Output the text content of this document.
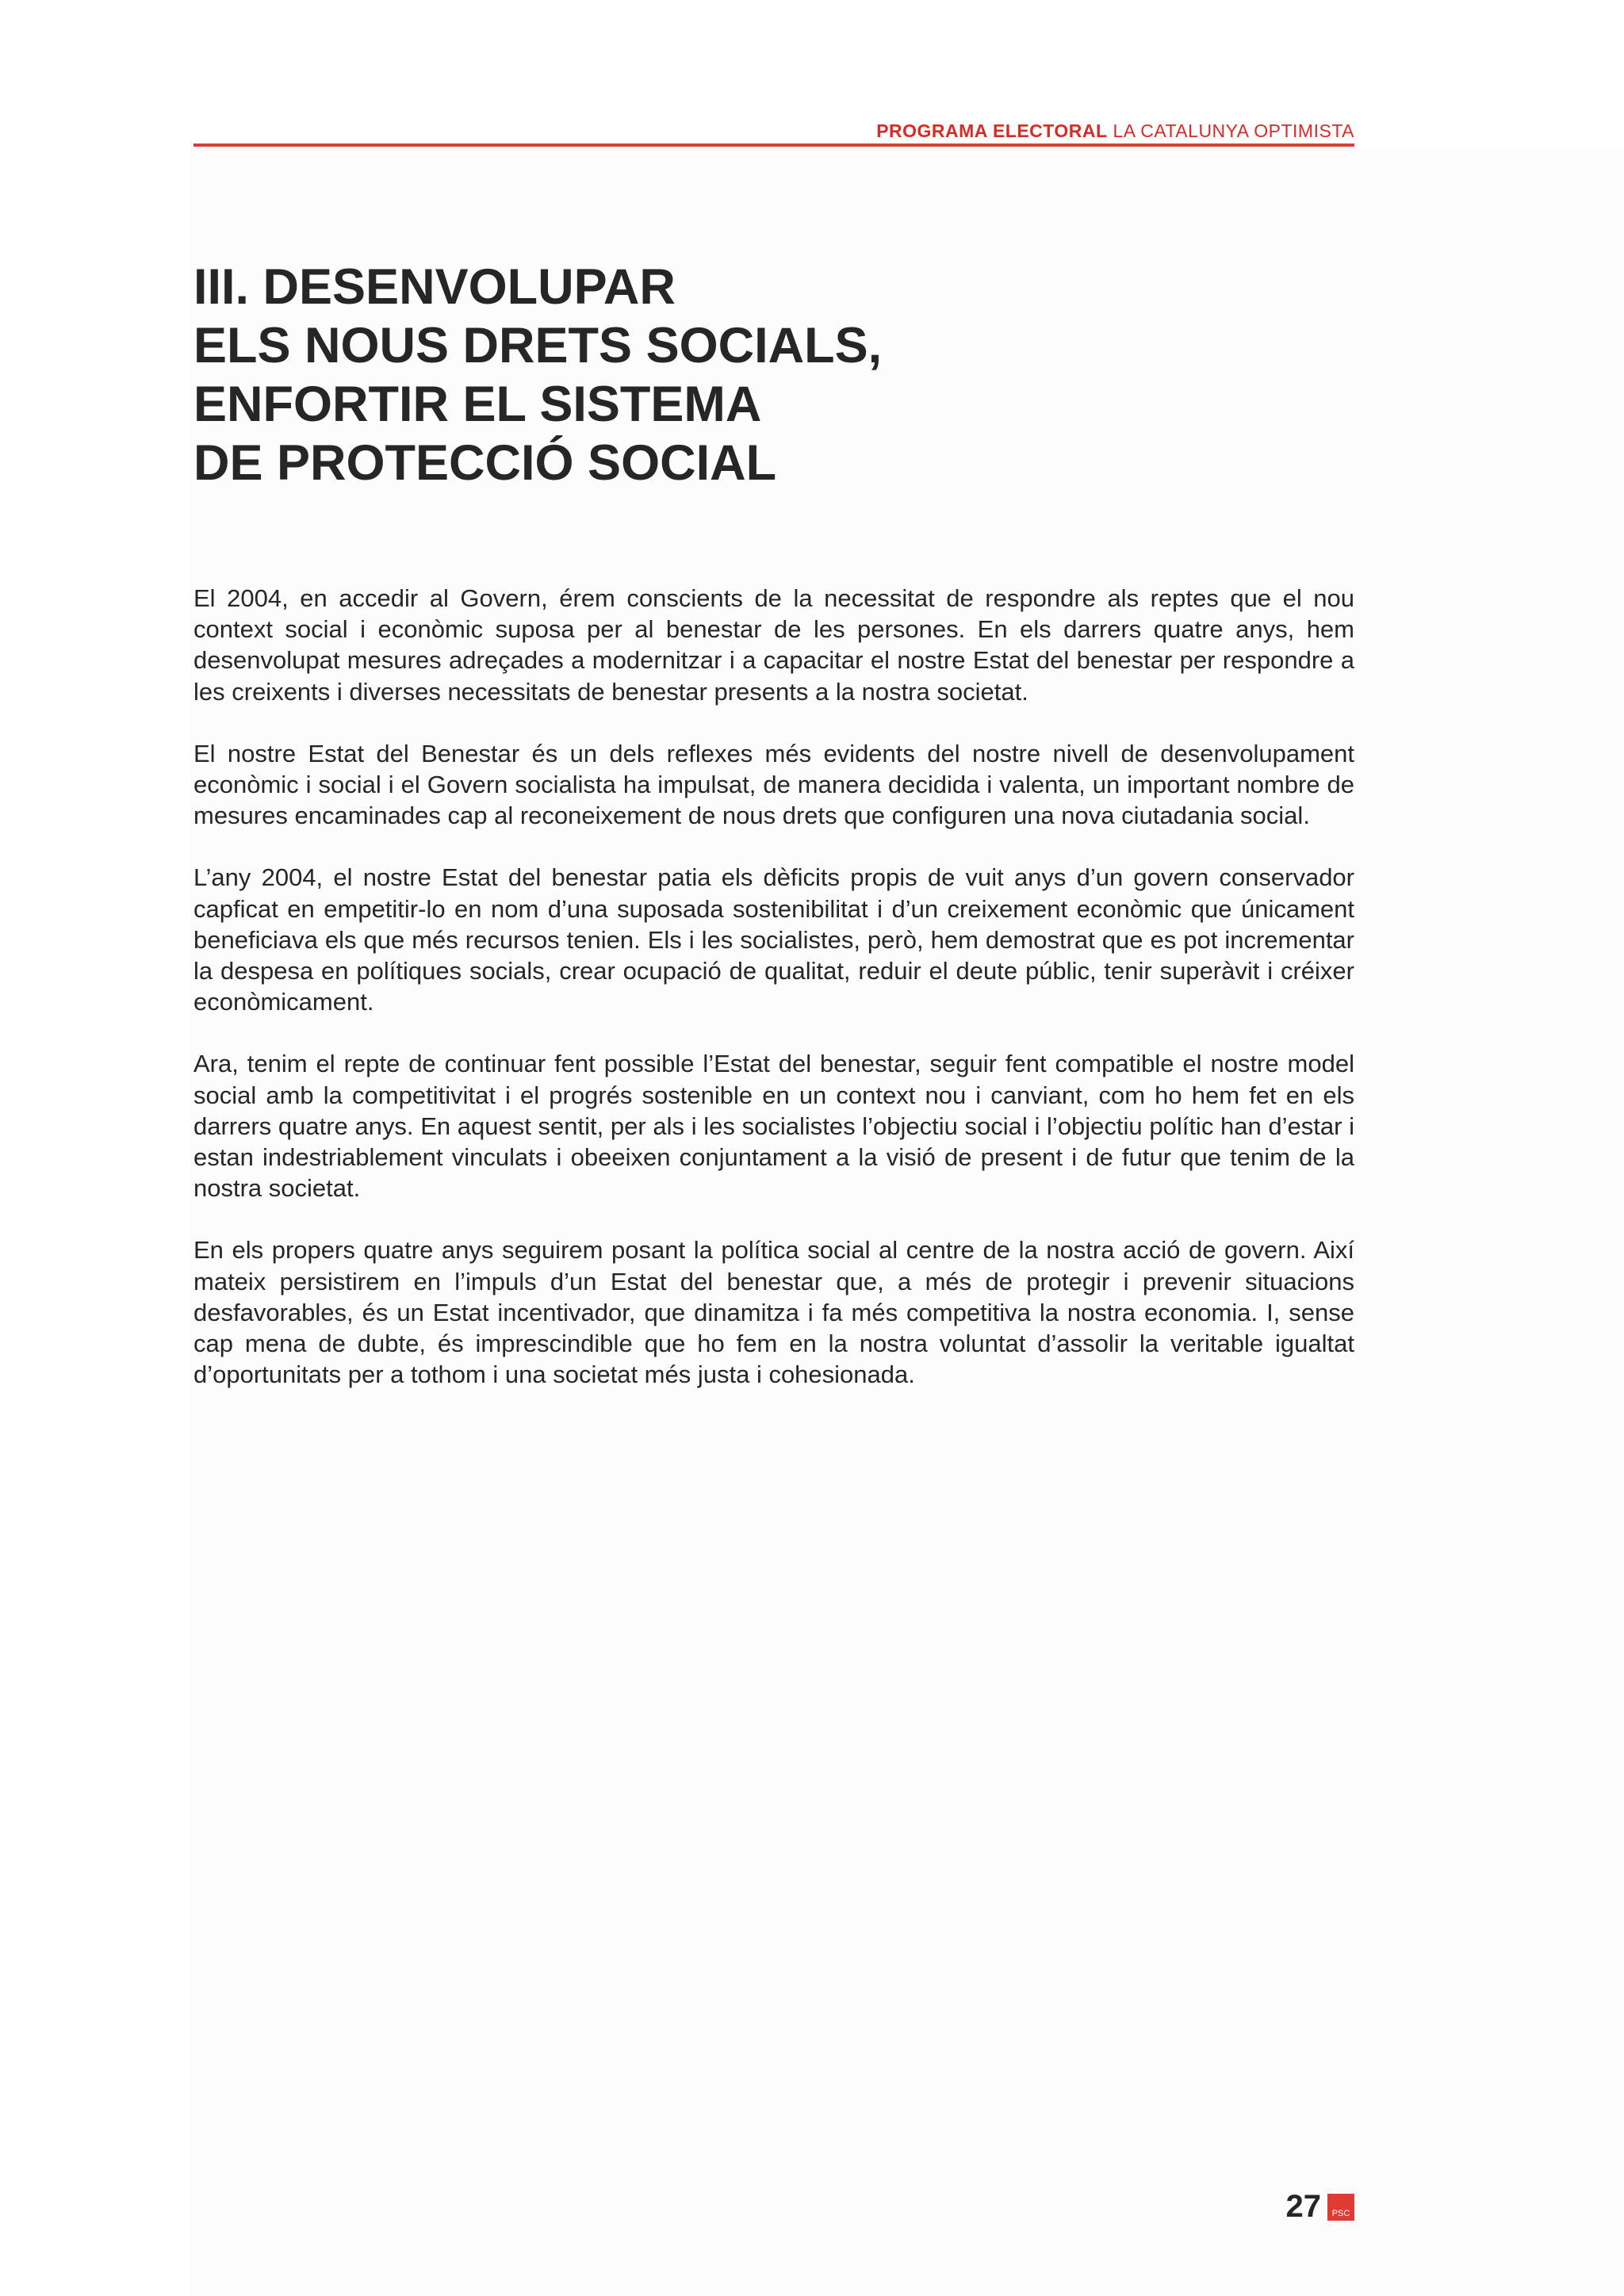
PROGRAMA ELECTORAL LA CATALUNYA OPTIMISTA
III. DESENVOLUPAR
ELS NOUS DRETS SOCIALS,
ENFORTIR EL SISTEMA
DE PROTECCIÓ SOCIAL

El 2004, en accedir al Govern, érem conscients de la necessitat de respondre als reptes que el nou context social i econòmic suposa per al benestar de les persones. En els darrers quatre anys, hem desenvolupat mesures adreçades a modernitzar i a capacitar el nostre Estat del benestar per respondre a les creixents i diverses necessitats de benestar presents a la nostra societat.

El nostre Estat del Benestar és un dels reflexes més evidents del nostre nivell de desenvolupament econòmic i social i el Govern socialista ha impulsat, de manera decidida i valenta, un important nombre de mesures encaminades cap al reconeixement de nous drets que configuren una nova ciutadania social.

L’any 2004, el nostre Estat del benestar patia els dèficits propis de vuit anys d’un govern conservador capficat en empetitir-lo en nom d’una suposada sostenibilitat i d’un creixement econòmic que únicament beneficiava els que més recursos tenien. Els i les socialistes, però, hem demostrat que es pot incrementar la despesa en polítiques socials, crear ocupació de qualitat, reduir el deute públic, tenir superàvit i créixer econòmicament.

Ara, tenim el repte de continuar fent possible l’Estat del benestar, seguir fent compatible el nostre model social amb la competitivitat i el progrés sostenible en un context nou i canviant, com ho hem fet en els darrers quatre anys. En aquest sentit, per als i les socialistes l’objectiu social i l’objectiu polític han d’estar i estan indestriablement vinculats i obeeixen conjuntament a la visió de present i de futur que tenim de la nostra societat.

En els propers quatre anys seguirem posant la política social al centre de la nostra acció de govern. Així mateix persistirem en l’impuls d’un Estat del benestar que, a més de protegir i prevenir situacions desfavorables, és un Estat incentivador, que dinamitza i fa més competitiva la nostra economia. I, sense cap mena de dubte, és imprescindible que ho fem en la nostra voluntat d’assolir la veritable igualtat d’oportunitats per a tothom i una societat més justa i cohesionada.

27	PSC
